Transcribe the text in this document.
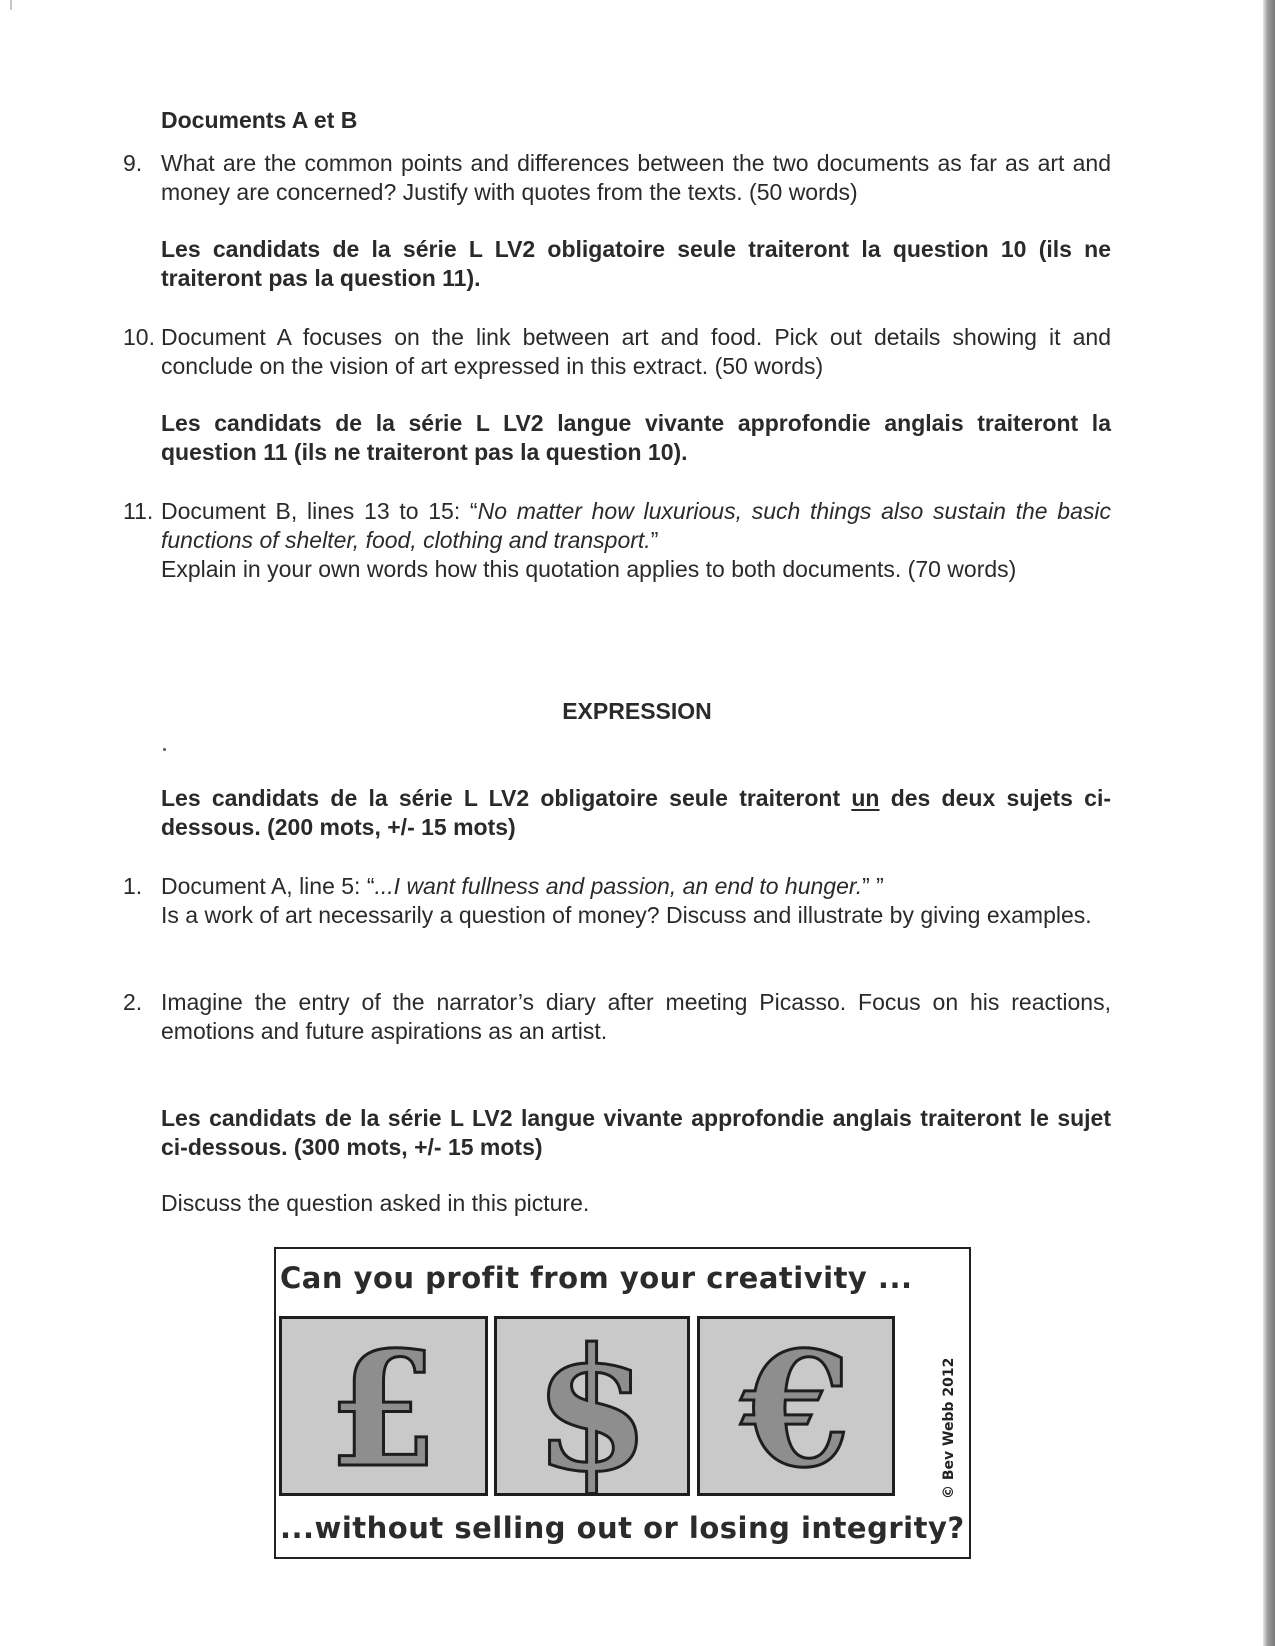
Documents A et B
9. What are the common points and differences between the two documents as far as art and money are concerned? Justify with quotes from the texts. (50 words)
Les candidats de la série L LV2 obligatoire seule traiteront la question 10 (ils ne traiteront pas la question 11).
10. Document A focuses on the link between art and food. Pick out details showing it and conclude on the vision of art expressed in this extract. (50 words)
Les candidats de la série L LV2 langue vivante approfondie anglais traiteront la question 11 (ils ne traiteront pas la question 10).
11. Document B, lines 13 to 15: “No matter how luxurious, such things also sustain the basic functions of shelter, food, clothing and transport.”
Explain in your own words how this quotation applies to both documents. (70 words)
EXPRESSION
Les candidats de la série L LV2 obligatoire seule traiteront un des deux sujets ci-dessous. (200 mots, +/- 15 mots)
1. Document A, line 5: “...I want fullness and passion, an end to hunger.” ”
Is a work of art necessarily a question of money? Discuss and illustrate by giving examples.
2. Imagine the entry of the narrator’s diary after meeting Picasso. Focus on his reactions, emotions and future aspirations as an artist.
Les candidats de la série L LV2 langue vivante approfondie anglais traiteront le sujet ci-dessous. (300 mots, +/- 15 mots)
Discuss the question asked in this picture.
Can you profit from your creativity ...
£ $ €	© Bev Webb 2012
...without selling out or losing integrity?
